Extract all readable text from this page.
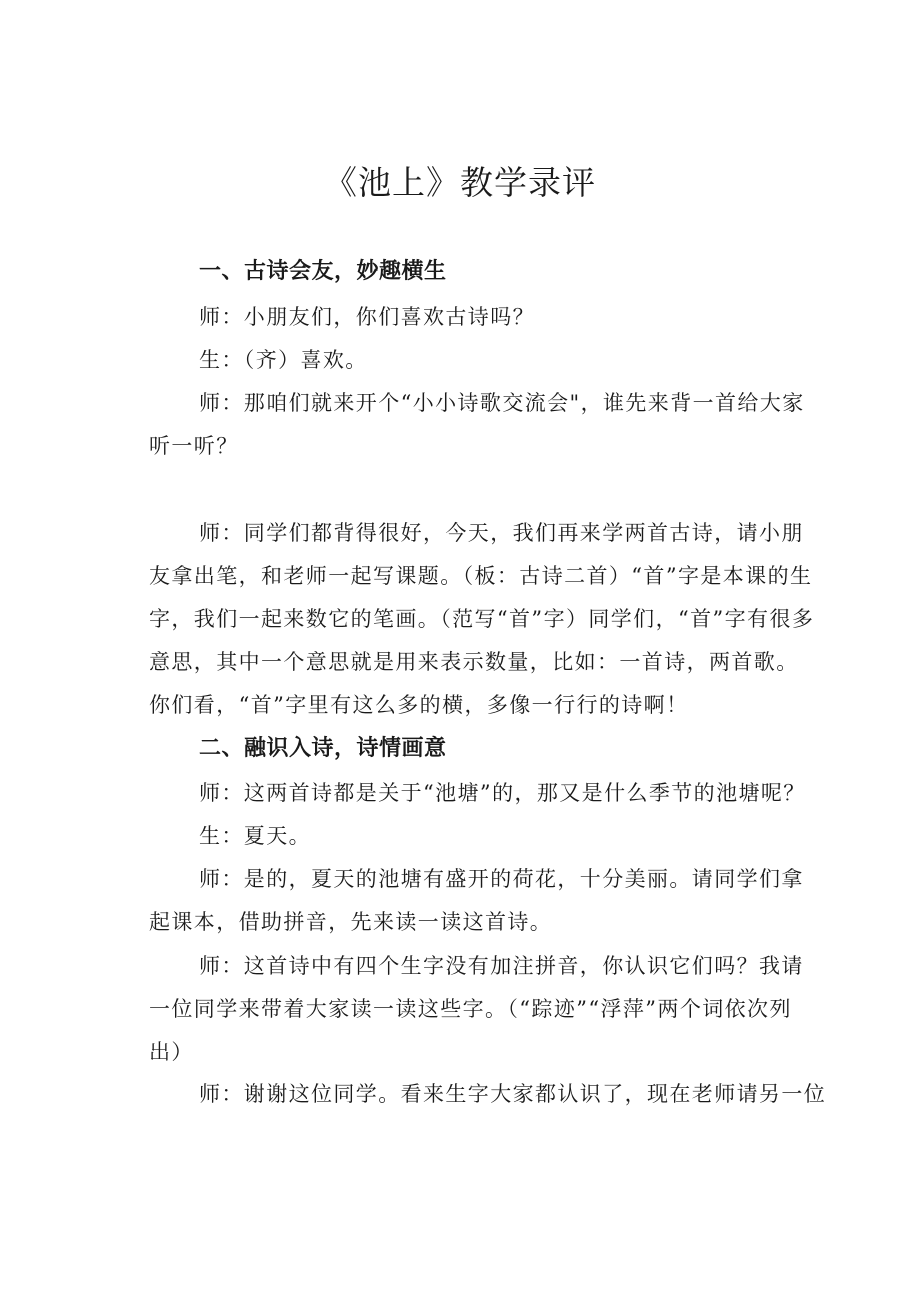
《池上》教学录评
一、古诗会友，妙趣横生

师：小朋友们，你们喜欢古诗吗？

生：（齐）喜欢。

师：那咱们就来开个“小小诗歌交流会"，谁先来背一首给大家听一听？

师：同学们都背得很好，今天，我们再来学两首古诗，请小朋友拿出笔，和老师一起写课题。（板：古诗二首）“首”字是本课的生字，我们一起来数它的笔画。（范写“首”字）同学们，“首”字有很多意思，其中一个意思就是用来表示数量，比如：一首诗，两首歌。你们看，“首”字里有这么多的横，多像一行行的诗啊！

二、融识入诗，诗情画意

师：这两首诗都是关于“池塘”的，那又是什么季节的池塘呢？

生：夏天。

师：是的，夏天的池塘有盛开的荷花，十分美丽。请同学们拿起课本，借助拼音，先来读一读这首诗。

师：这首诗中有四个生字没有加注拼音，你认识它们吗？我请一位同学来带着大家读一读这些字。（“踪迹”“浮萍”两个词依次列出）

师：谢谢这位同学。看来生字大家都认识了，现在老师请另一位
